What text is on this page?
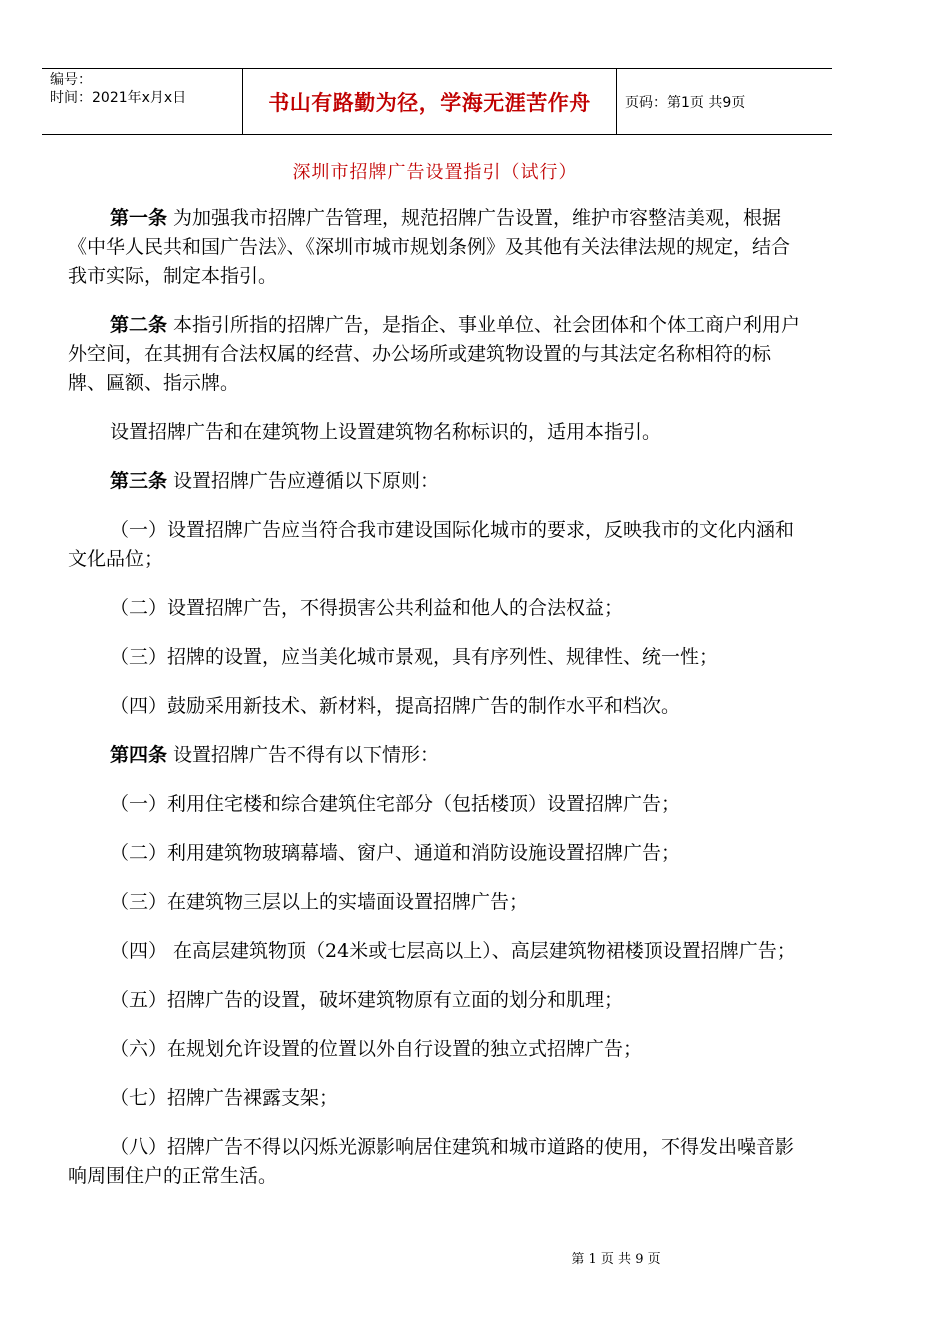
编号：
时间：2021年x月x日	书山有路勤为径，学海无涯苦作舟	页码：第1页 共9页
深圳市招牌广告设置指引（试行）

第一条 为加强我市招牌广告管理，规范招牌广告设置，维护市容整洁美观，根据《中华人民共和国广告法》、《深圳市城市规划条例》及其他有关法律法规的规定，结合我市实际，制定本指引。

第二条 本指引所指的招牌广告，是指企、事业单位、社会团体和个体工商户利用户外空间，在其拥有合法权属的经营、办公场所或建筑物设置的与其法定名称相符的标牌、匾额、指示牌。

设置招牌广告和在建筑物上设置建筑物名称标识的，适用本指引。

第三条 设置招牌广告应遵循以下原则：

（一）设置招牌广告应当符合我市建设国际化城市的要求，反映我市的文化内涵和文化品位；

（二）设置招牌广告，不得损害公共利益和他人的合法权益；

（三）招牌的设置，应当美化城市景观，具有序列性、规律性、统一性；

（四）鼓励采用新技术、新材料，提高招牌广告的制作水平和档次。

第四条 设置招牌广告不得有以下情形：

（一）利用住宅楼和综合建筑住宅部分（包括楼顶）设置招牌广告；

（二）利用建筑物玻璃幕墙、窗户、通道和消防设施设置招牌广告；

（三）在建筑物三层以上的实墙面设置招牌广告；

（四） 在高层建筑物顶（24米或七层高以上）、高层建筑物裙楼顶设置招牌广告；

（五）招牌广告的设置，破坏建筑物原有立面的划分和肌理；

（六）在规划允许设置的位置以外自行设置的独立式招牌广告；

（七）招牌广告裸露支架；

（八）招牌广告不得以闪烁光源影响居住建筑和城市道路的使用，不得发出噪音影响周围住户的正常生活。

第 1 页 共 9 页
